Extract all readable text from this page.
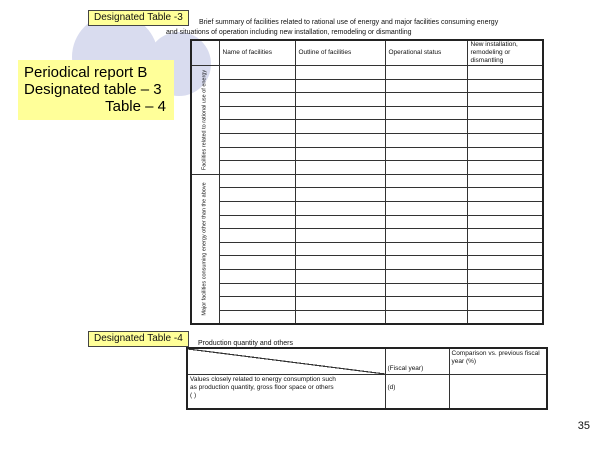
Designated Table -3	Brief summary of facilities related to rational use of energy and major facilities consuming energy
and situations of operation including new installation, remodeling or dismantling
Periodical report B
Designated table – 3
Table – 4
	Name of facilities	Outline of facilities	Operational status	New installation, remodeling or dismantling

Facilities related to rational use of energy				

Major facilities consuming energy other than the above				

Designated Table -4	Production quantity and others
	(Fiscal year)	Comparison vs. previous fiscal year (%)

Values closely related to energy consumption such
as production quantity, gross floor space or others
( )	(d)	
35
